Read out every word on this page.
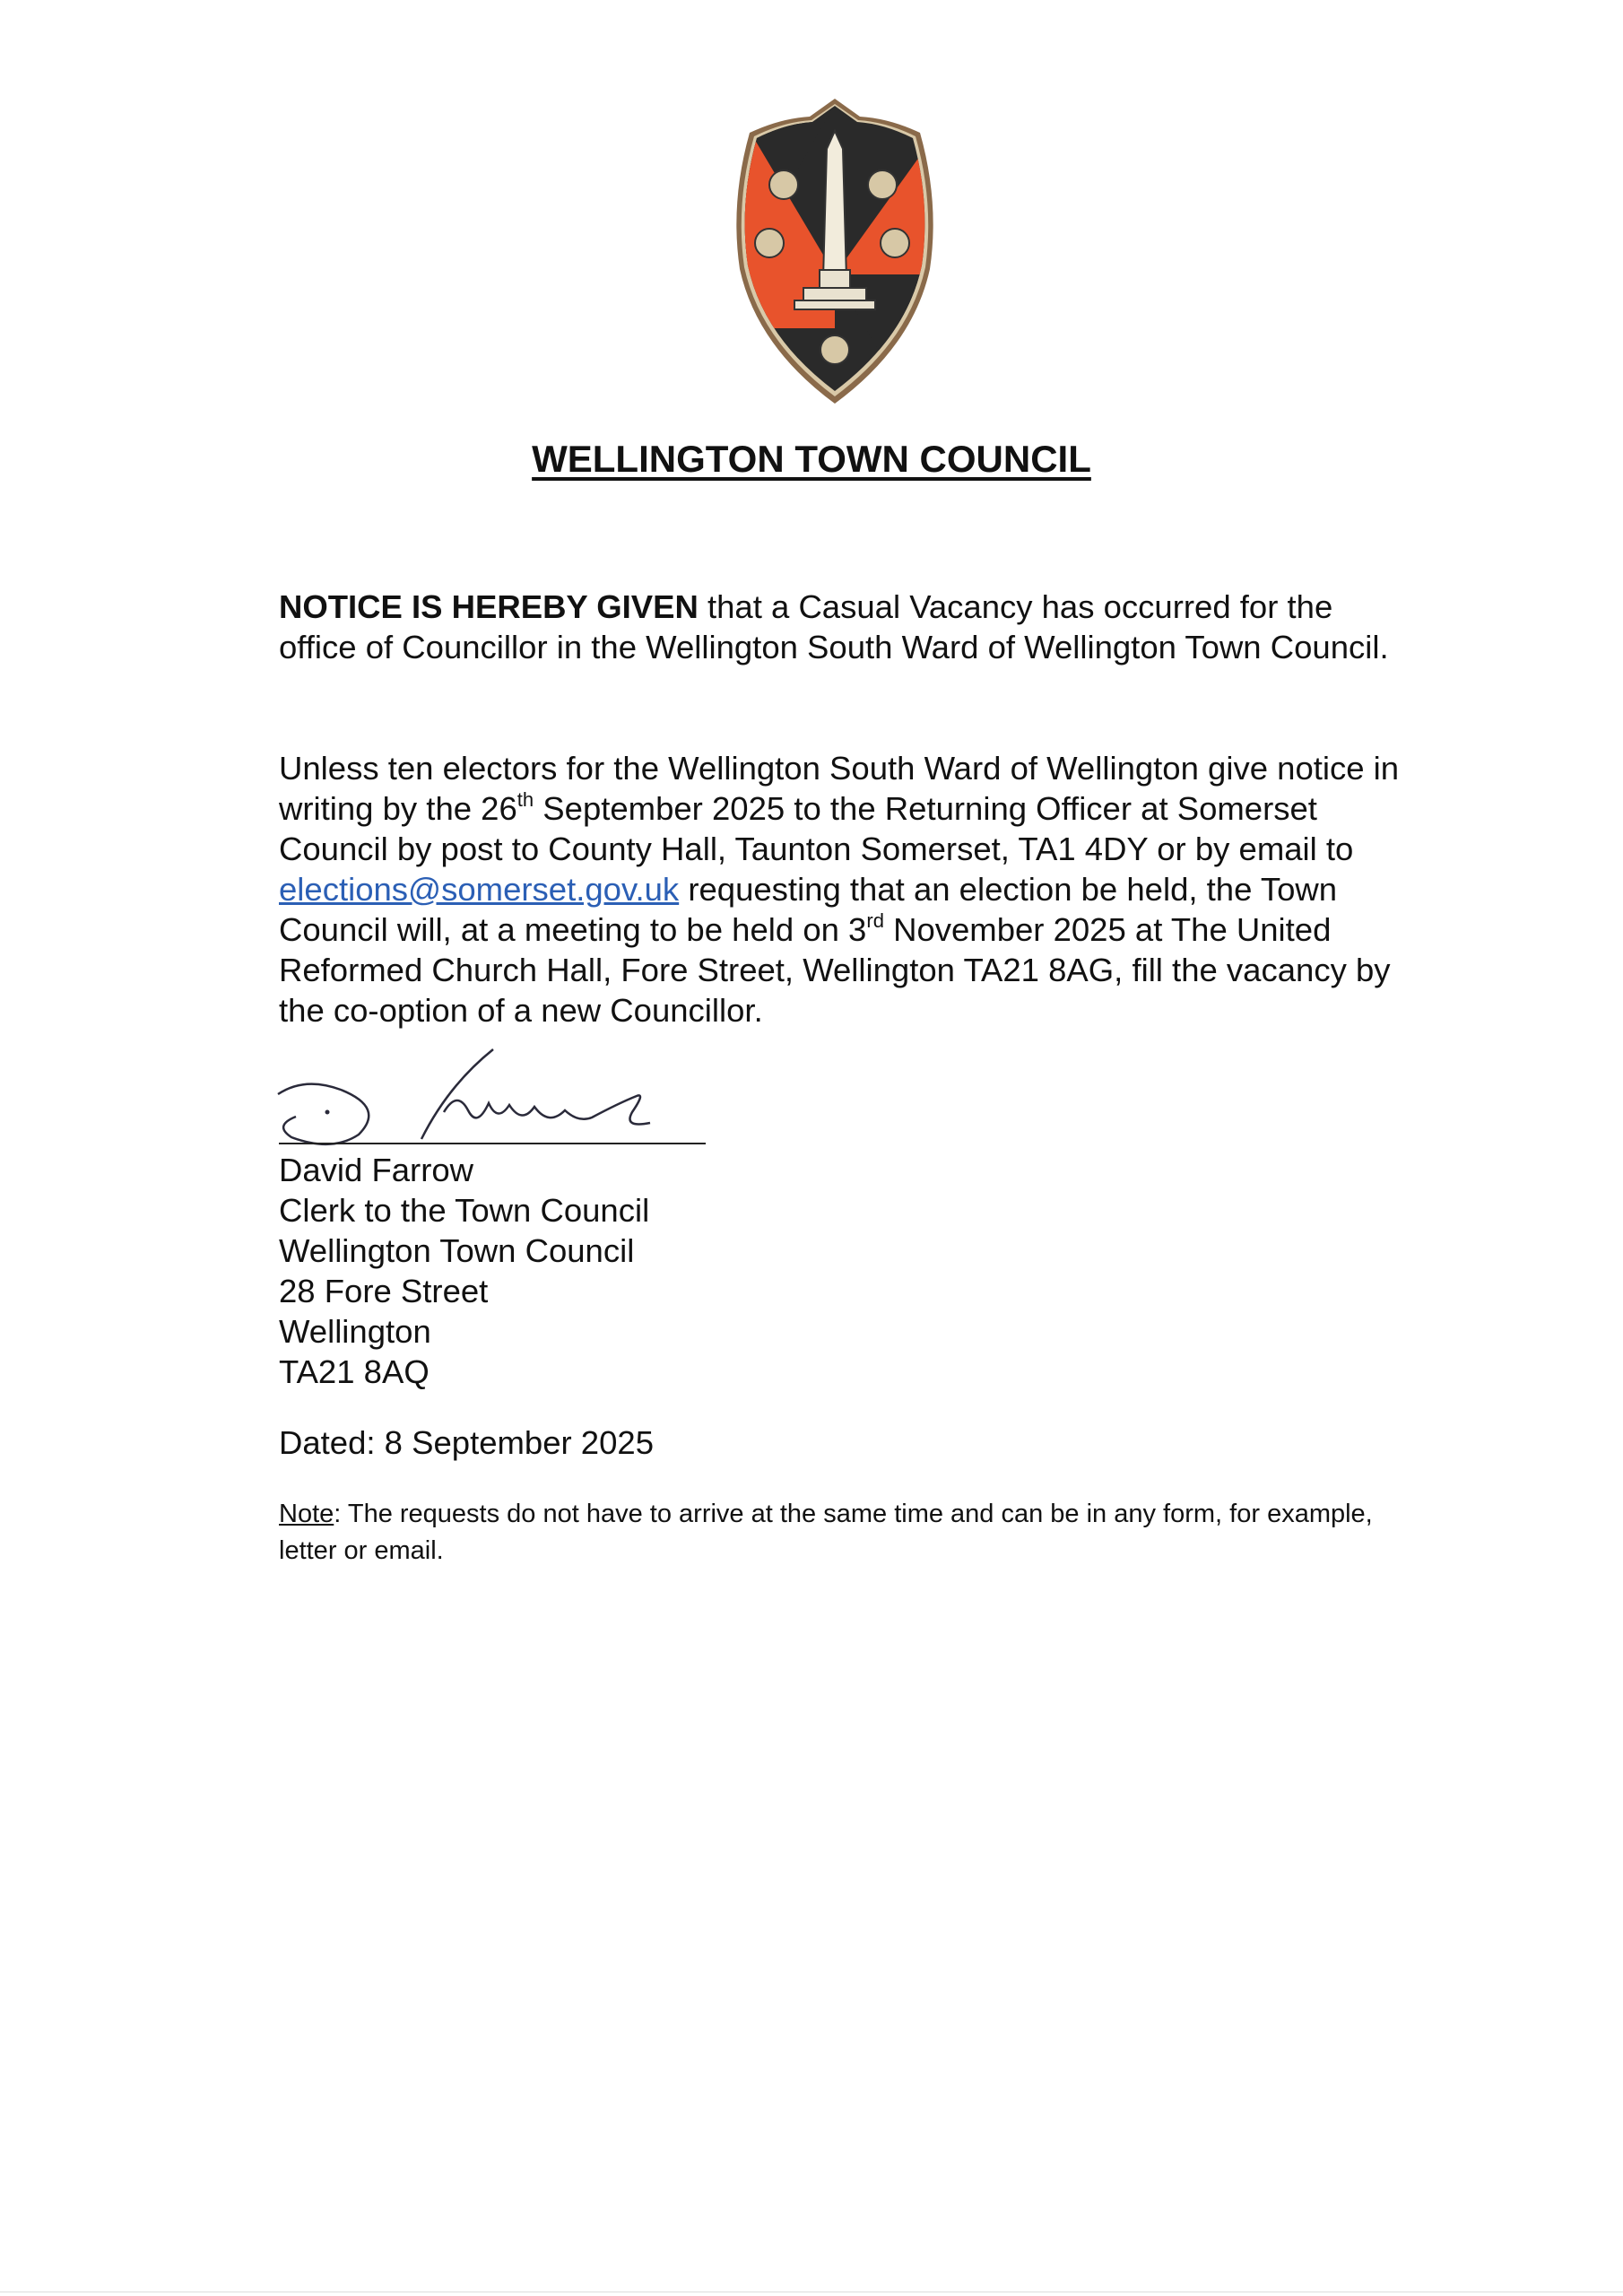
WELLINGTON TOWN COUNCIL
NOTICE IS HEREBY GIVEN that a Casual Vacancy has occurred for the office of Councillor in the Wellington South Ward of Wellington Town Council.
Unless ten electors for the Wellington South Ward of Wellington give notice in writing by the 26th September 2025 to the Returning Officer at Somerset Council by post to County Hall, Taunton Somerset, TA1 4DY or by email to elections@somerset.gov.uk requesting that an election be held, the Town Council will, at a meeting to be held on 3rd November 2025 at The United Reformed Church Hall, Fore Street, Wellington TA21 8AG, fill the vacancy by the co-option of a new Councillor.
David Farrow
Clerk to the Town Council
Wellington Town Council
28 Fore Street
Wellington
TA21 8AQ
Dated: 8 September 2025
Note: The requests do not have to arrive at the same time and can be in any form, for example, letter or email.
